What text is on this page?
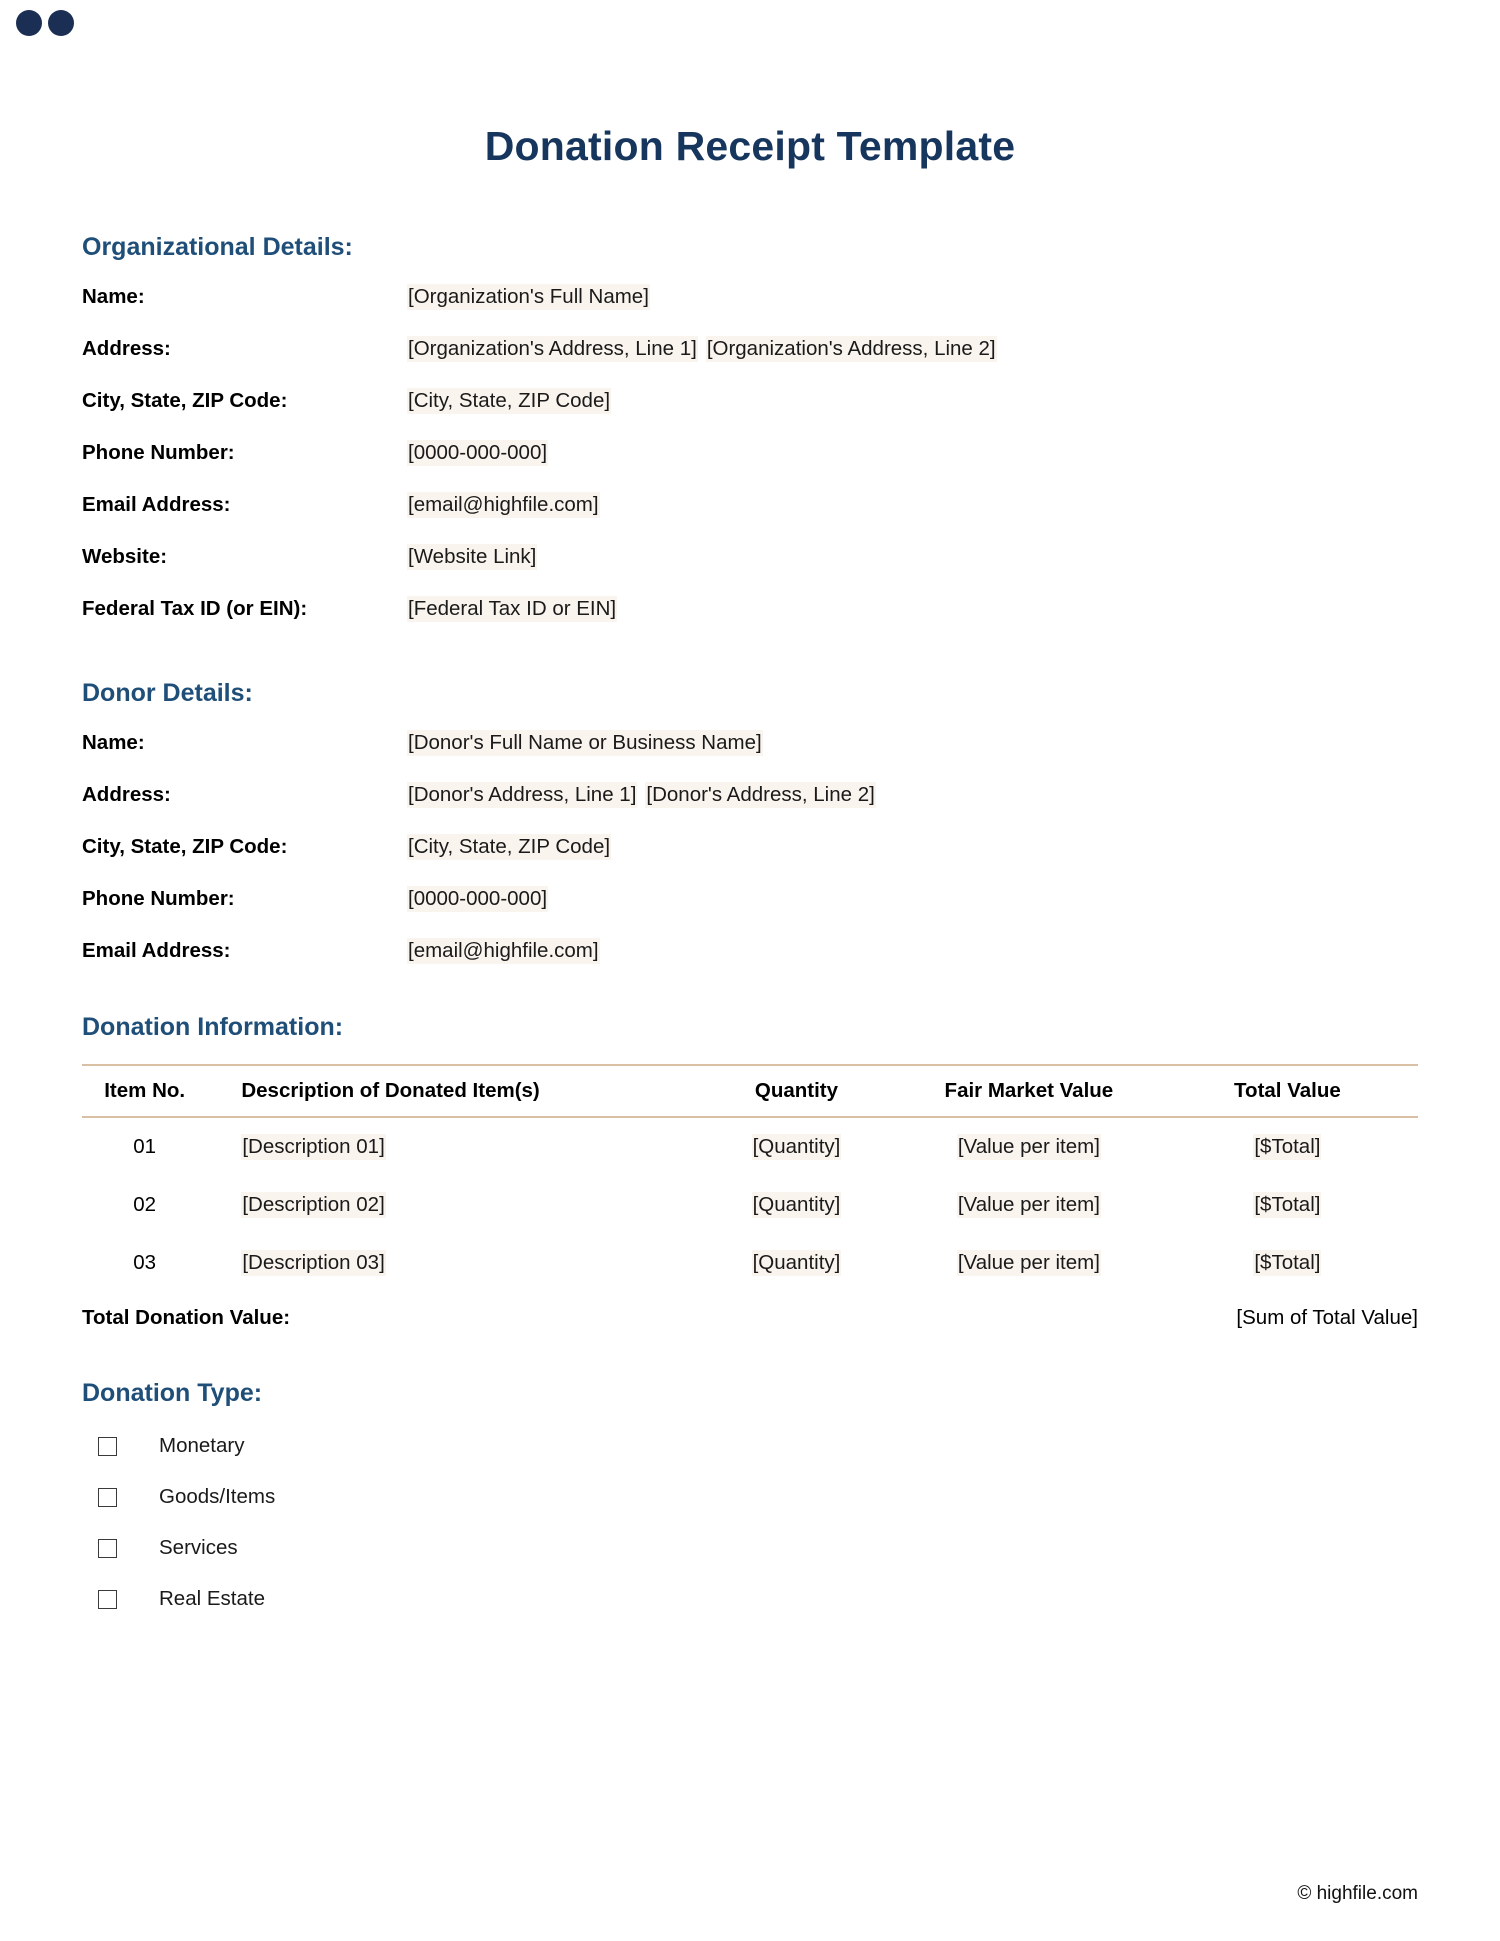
Donation Receipt Template
Organizational Details:
Name:	[Organization's Full Name]
Address:	[Organization's Address, Line 1] [Organization's Address, Line 2]
City, State, ZIP Code:	[City, State, ZIP Code]
Phone Number:	[0000-000-000]
Email Address:	[email@highfile.com]
Website:	[Website Link]
Federal Tax ID (or EIN):	[Federal Tax ID or EIN]
Donor Details:
Name:	[Donor's Full Name or Business Name]
Address:	[Donor's Address, Line 1] [Donor's Address, Line 2]
City, State, ZIP Code:	[City, State, ZIP Code]
Phone Number:	[0000-000-000]
Email Address:	[email@highfile.com]
Donation Information:
Item No.	Description of Donated Item(s)	Quantity	Fair Market Value	Total Value
01	[Description 01]	[Quantity]	[Value per item]	[$Total]
02	[Description 02]	[Quantity]	[Value per item]	[$Total]
03	[Description 03]	[Quantity]	[Value per item]	[$Total]
Total Donation Value:	[Sum of Total Value]
Donation Type:
Monetary
Goods/Items
Services
Real Estate
© highfile.com
